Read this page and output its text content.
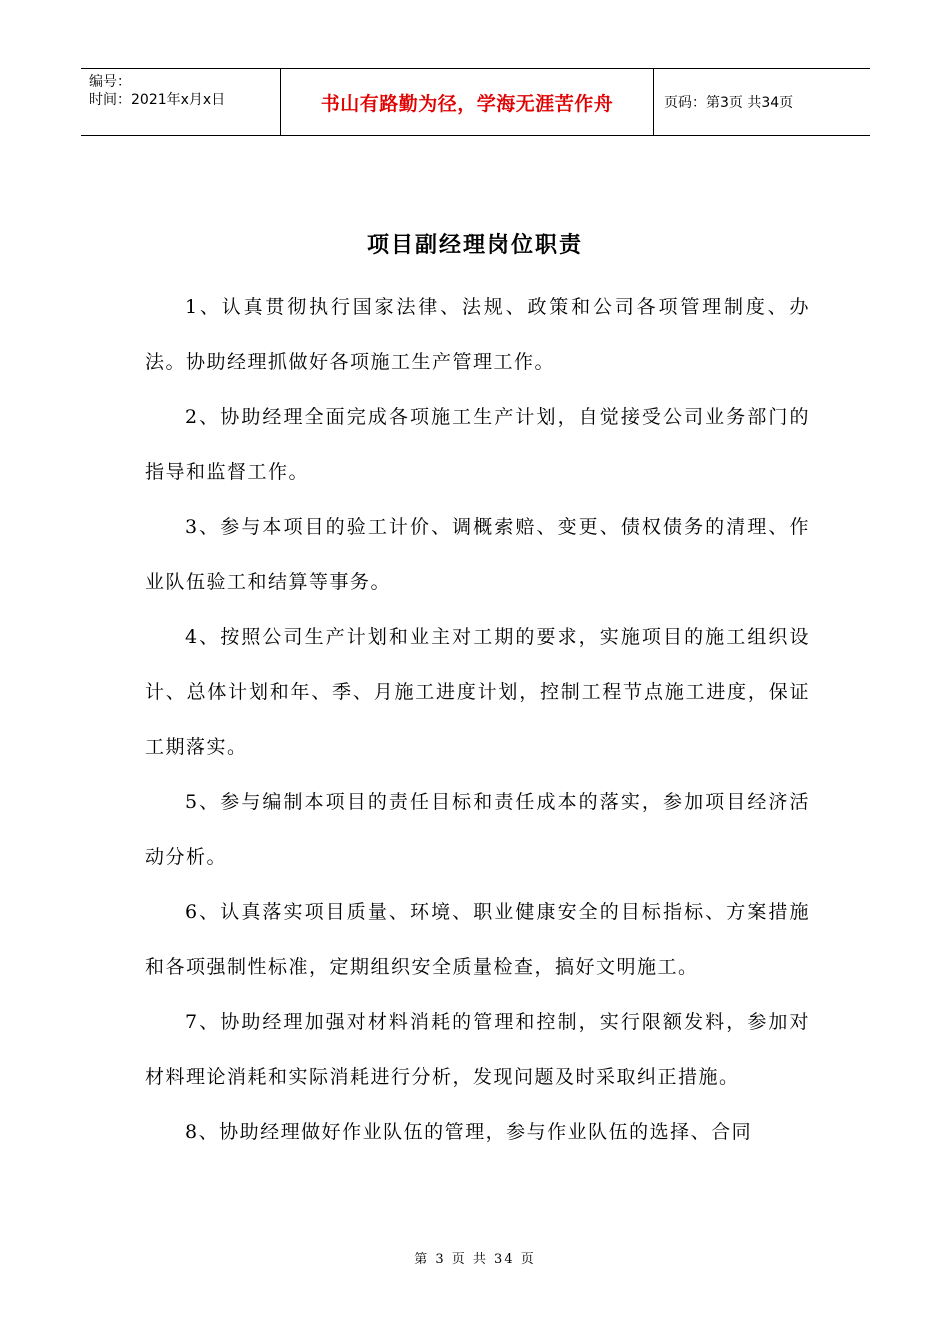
编号：
时间：2021年x月x日	书山有路勤为径，学海无涯苦作舟	页码：第3页 共34页
项目副经理岗位职责

1、认真贯彻执行国家法律、法规、政策和公司各项管理制度、办法。协助经理抓做好各项施工生产管理工作。

2、协助经理全面完成各项施工生产计划，自觉接受公司业务部门的指导和监督工作。

3、参与本项目的验工计价、调概索赔、变更、债权债务的清理、作业队伍验工和结算等事务。

4、按照公司生产计划和业主对工期的要求，实施项目的施工组织设计、总体计划和年、季、月施工进度计划，控制工程节点施工进度，保证工期落实。

5、参与编制本项目的责任目标和责任成本的落实，参加项目经济活动分析。

6、认真落实项目质量、环境、职业健康安全的目标指标、方案措施和各项强制性标准，定期组织安全质量检查，搞好文明施工。

7、协助经理加强对材料消耗的管理和控制，实行限额发料，参加对材料理论消耗和实际消耗进行分析，发现问题及时采取纠正措施。

8、协助经理做好作业队伍的管理，参与作业队伍的选择、合同

第 3 页 共 34 页
